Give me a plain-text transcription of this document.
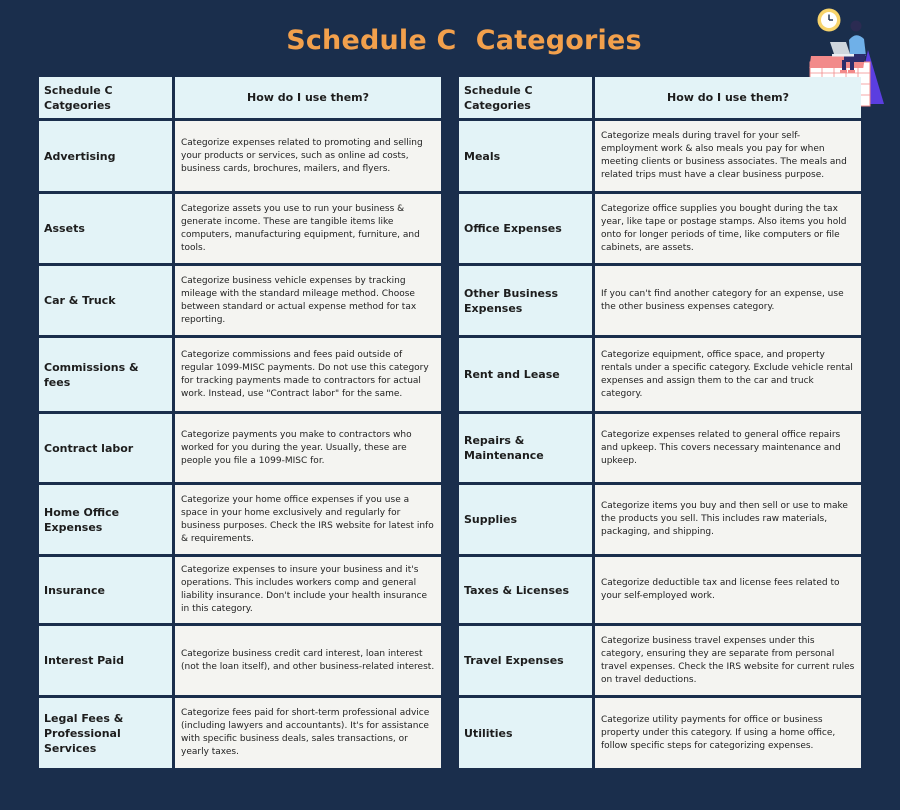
Schedule C  Categories
Schedule C Catgeories
How do I use them?
Advertising
Categorize expenses related to promoting and selling your products or services, such as online ad costs, business cards, brochures, mailers, and flyers.
Assets
Categorize assets you use to run your business & generate income. These are tangible items like computers, manufacturing equipment, furniture, and tools.
Car & Truck
Categorize business vehicle expenses by tracking mileage with the standard mileage method. Choose between standard or actual expense method for tax reporting.
Commissions & fees
Categorize commissions and fees paid outside of regular 1099-MISC payments. Do not use this category for tracking payments made to contractors for actual work. Instead, use "Contract labor" for the same.
Contract labor
Categorize payments you make to contractors who worked for you during the year. Usually, these are people you file a 1099-MISC for.
Home Office Expenses
Categorize your home office expenses if you use a space in your home exclusively and regularly for business purposes. Check the IRS website for latest info & requirements.
Insurance
Categorize expenses to insure your business and it's operations. This includes workers comp and general liability insurance. Don't include your health insurance in this category.
Interest Paid
Categorize business credit card interest, loan interest (not the loan itself), and other business-related interest.
Legal Fees & Professional Services
Categorize fees paid for short-term professional advice (including lawyers and accountants). It's for assistance with specific business deals, sales transactions, or yearly taxes.
Schedule C Categories
How do I use them?
Meals
Categorize meals during travel for your self-employment work & also meals you pay for when meeting clients or business associates. The meals and related trips must have a clear business purpose.
Office Expenses
Categorize office supplies you bought during the tax year, like tape or postage stamps. Also items you hold onto for longer periods of time, like computers or file cabinets, are assets.
Other Business Expenses
If you can't find another category for an expense, use the other business expenses category.
Rent and Lease
Categorize equipment, office space, and property rentals under a specific category. Exclude vehicle rental expenses and assign them to the car and truck category.
Repairs & Maintenance
Categorize expenses related to general office repairs and upkeep. This covers necessary maintenance and upkeep.
Supplies
Categorize items you buy and then sell or use to make the products you sell. This includes raw materials, packaging, and shipping.
Taxes & Licenses
Categorize deductible tax and license fees related to your self-employed work.
Travel Expenses
Categorize business travel expenses under this category, ensuring they are separate from personal travel expenses. Check the IRS website for current rules on travel deductions.
Utilities
Categorize utility payments for office or business property under this category. If using a home office, follow specific steps for categorizing expenses.
